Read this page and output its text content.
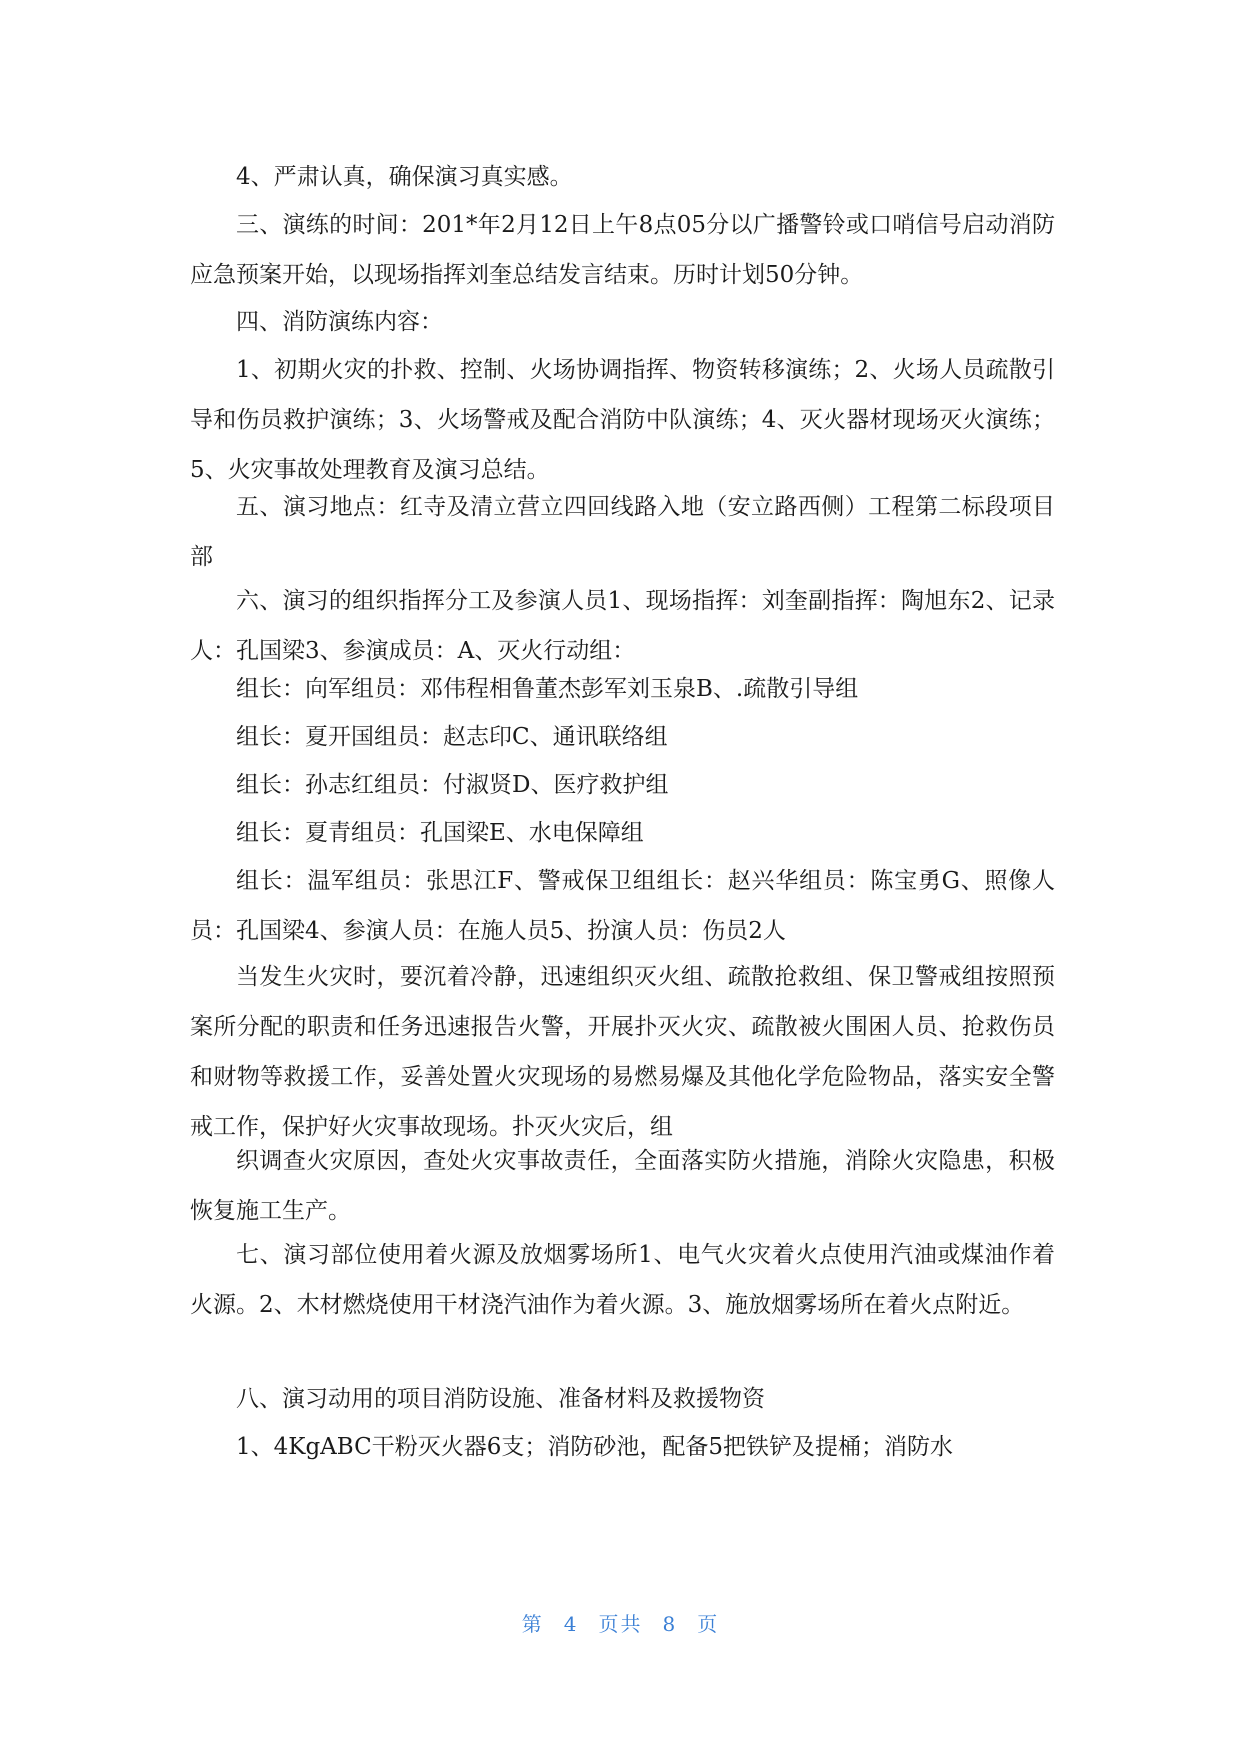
4、严肃认真，确保演习真实感。

三、演练的时间：201*年2月12日上午8点05分以广播警铃或口哨信号启动消防应急预案开始，以现场指挥刘奎总结发言结束。历时计划50分钟。

四、消防演练内容：

1、初期火灾的扑救、控制、火场协调指挥、物资转移演练；2、火场人员疏散引导和伤员救护演练；3、火场警戒及配合消防中队演练；4、灭火器材现场灭火演练；5、火灾事故处理教育及演习总结。

五、演习地点：红寺及清立营立四回线路入地（安立路西侧）工程第二标段项目部

六、演习的组织指挥分工及参演人员1、现场指挥：刘奎副指挥：陶旭东2、记录人：孔国梁3、参演成员：A、灭火行动组：

组长：向军组员：邓伟程相鲁董杰彭军刘玉泉B、.疏散引导组

组长：夏开国组员：赵志印C、通讯联络组

组长：孙志红组员：付淑贤D、医疗救护组

组长：夏青组员：孔国梁E、水电保障组

组长：温军组员：张思江F、警戒保卫组组长：赵兴华组员：陈宝勇G、照像人员：孔国梁4、参演人员：在施人员5、扮演人员：伤员2人

当发生火灾时，要沉着冷静，迅速组织灭火组、疏散抢救组、保卫警戒组按照预案所分配的职责和任务迅速报告火警，开展扑灭火灾、疏散被火围困人员、抢救伤员和财物等救援工作，妥善处置火灾现场的易燃易爆及其他化学危险物品，落实安全警戒工作，保护好火灾事故现场。扑灭火灾后，组

织调查火灾原因，查处火灾事故责任，全面落实防火措施，消除火灾隐患，积极恢复施工生产。

七、演习部位使用着火源及放烟雾场所1、电气火灾着火点使用汽油或煤油作着火源。2、木材燃烧使用干材浇汽油作为着火源。3、施放烟雾场所在着火点附近。

八、演习动用的项目消防设施、准备材料及救援物资

1、4KgABC干粉灭火器6支；消防砂池，配备5把铁铲及提桶；消防水

第 4 页共 8 页
